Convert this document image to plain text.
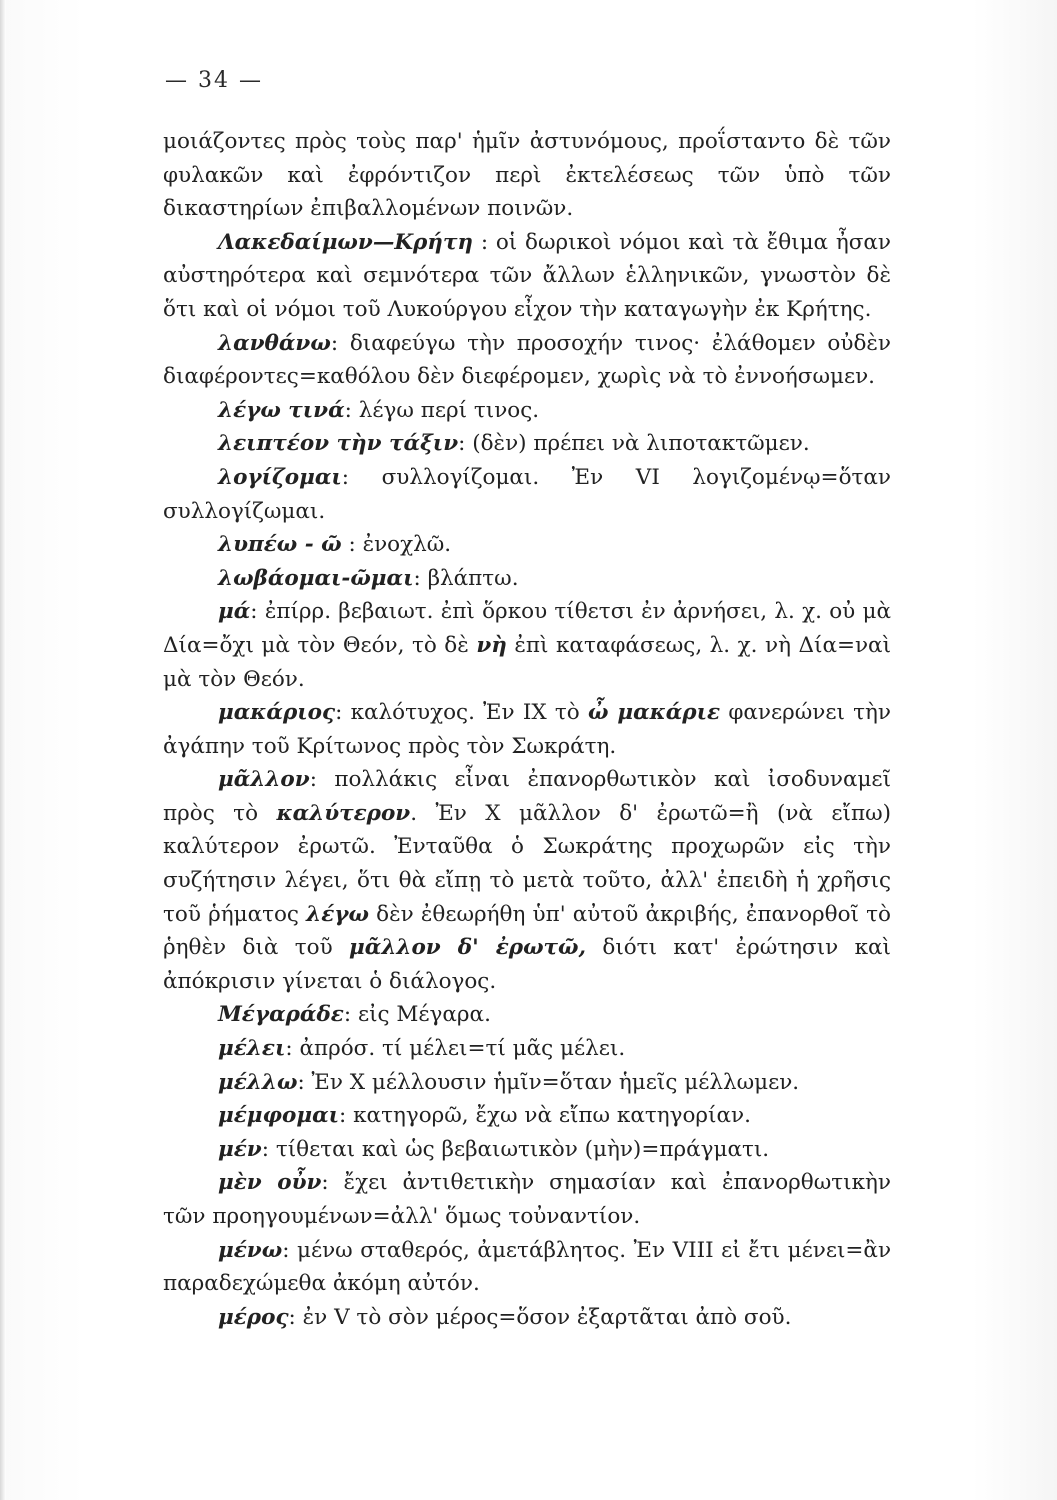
— 34 —

μοιάζοντες πρὸς τοὺς παρ' ἡμῖν ἀστυνόμους, προΐσταντο δὲ τῶν φυλακῶν καὶ ἐφρόντιζον περὶ ἐκτελέσεως τῶν ὑπὸ τῶν δικαστηρίων ἐπιβαλλομένων ποινῶν.

Λακεδαίμων—Κρήτη : οἱ δωρικοὶ νόμοι καὶ τὰ ἔθιμα ἦσαν αὐστηρότερα καὶ σεμνότερα τῶν ἄλλων ἑλληνικῶν, γνωστὸν δὲ ὅτι καὶ οἱ νόμοι τοῦ Λυκούργου εἶχον τὴν καταγωγὴν ἐκ Κρήτης.

λανθάνω: διαφεύγω τὴν προσοχήν τινος· ἐλάθομεν οὐδὲν διαφέροντες=καθόλου δὲν διεφέρομεν, χωρὶς νὰ τὸ ἐννοήσωμεν.

λέγω τινά: λέγω περί τινος.

λειπτέον τὴν τάξιν: (δὲν) πρέπει νὰ λιποτακτῶμεν.

λογίζομαι: συλλογίζομαι. Ἐν VI λογιζομένῳ=ὅταν συλλογίζωμαι.

λυπέω - ῶ : ἐνοχλῶ.

λωβάομαι-ῶμαι: βλάπτω.

μά: ἐπίρρ. βεβαιωτ. ἐπὶ ὅρκου τίθετσι ἐν ἀρνήσει, λ. χ. οὐ μὰ Δία=ὄχι μὰ τὸν Θεόν, τὸ δὲ νὴ ἐπὶ καταφάσεως, λ. χ. νὴ Δία=ναὶ μὰ τὸν Θεόν.

μακάριος: καλότυχος. Ἐν IX τὸ ὦ μακάριε φανερώνει τὴν ἀγάπην τοῦ Κρίτωνος πρὸς τὸν Σωκράτη.

μᾶλλον: πολλάκις εἶναι ἐπανορθωτικὸν καὶ ἰσοδυναμεῖ πρὸς τὸ καλύτερον. Ἐν X μᾶλλον δ' ἐρωτῶ=ἢ (νὰ εἴπω) καλύτερον ἐρωτῶ. Ἐνταῦθα ὁ Σωκράτης προχωρῶν εἰς τὴν συζήτησιν λέγει, ὅτι θὰ εἴπῃ τὸ μετὰ τοῦτο, ἀλλ' ἐπειδὴ ἡ χρῆσις τοῦ ῥήματος λέγω δὲν ἐθεωρήθη ὑπ' αὐτοῦ ἀκριβής, ἐπανορθοῖ τὸ ῥηθὲν διὰ τοῦ μᾶλλον δ' ἐρωτῶ, διότι κατ' ἐρώτησιν καὶ ἀπόκρισιν γίνεται ὁ διάλογος.

Μέγαράδε: εἰς Μέγαρα.

μέλει: ἀπρόσ. τί μέλει=τί μᾶς μέλει.

μέλλω: Ἐν X μέλλουσιν ἡμῖν=ὅταν ἡμεῖς μέλλωμεν.

μέμφομαι: κατηγορῶ, ἔχω νὰ εἴπω κατηγορίαν.

μέν: τίθεται καὶ ὡς βεβαιωτικὸν (μὴν)=πράγματι.

μὲν οὖν: ἔχει ἀντιθετικὴν σημασίαν καὶ ἐπανορθωτικὴν τῶν προηγουμένων=ἀλλ' ὅμως τοὐναντίον.

μένω: μένω σταθερός, ἀμετάβλητος. Ἐν VIII εἰ ἔτι μένει=ἂν παραδεχώμεθα ἀκόμη αὐτόν.

μέρος: ἐν V τὸ σὸν μέρος=ὅσον ἐξαρτᾶται ἀπὸ σοῦ.
